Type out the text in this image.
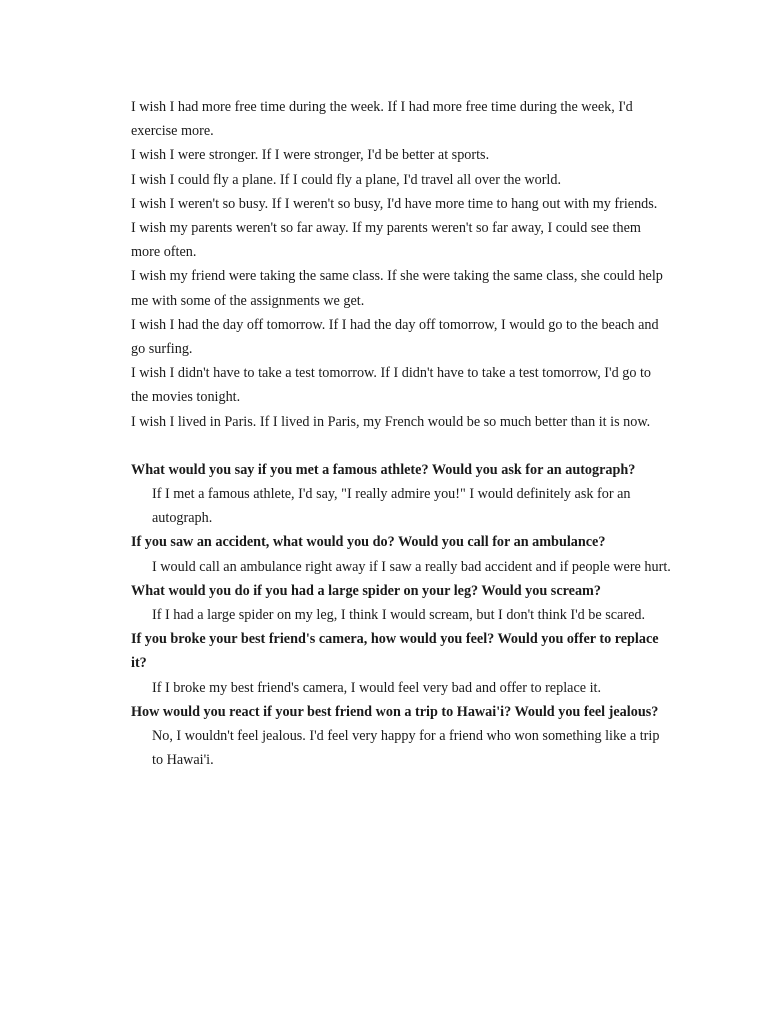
I wish I had more free time during the week. If I had more free time during the week, I'd exercise more.

I wish I were stronger. If I were stronger, I'd be better at sports.

I wish I could fly a plane. If I could fly a plane, I'd travel all over the world.

I wish I weren't so busy. If I weren't so busy, I'd have more time to hang out with my friends.

I wish my parents weren't so far away. If my parents weren't so far away, I could see them more often.

I wish my friend were taking the same class. If she were taking the same class, she could help me with some of the assignments we get.

I wish I had the day off tomorrow. If I had the day off tomorrow, I would go to the beach and go surfing.

I wish I didn't have to take a test tomorrow. If I didn't have to take a test tomorrow, I'd go to the movies tonight.

I wish I lived in Paris. If I lived in Paris, my French would be so much better than it is now.

What would you say if you met a famous athlete? Would you ask for an autograph?

If I met a famous athlete, I'd say, "I really admire you!" I would definitely ask for an autograph.

If you saw an accident, what would you do? Would you call for an ambulance?

I would call an ambulance right away if I saw a really bad accident and if people were hurt.

What would you do if you had a large spider on your leg? Would you scream?

If I had a large spider on my leg, I think I would scream, but I don't think I'd be scared.

If you broke your best friend's camera, how would you feel? Would you offer to replace it?

If I broke my best friend's camera, I would feel very bad and offer to replace it.

How would you react if your best friend won a trip to Hawai'i? Would you feel jealous?

No, I wouldn't feel jealous. I'd feel very happy for a friend who won something like a trip to Hawai'i.
